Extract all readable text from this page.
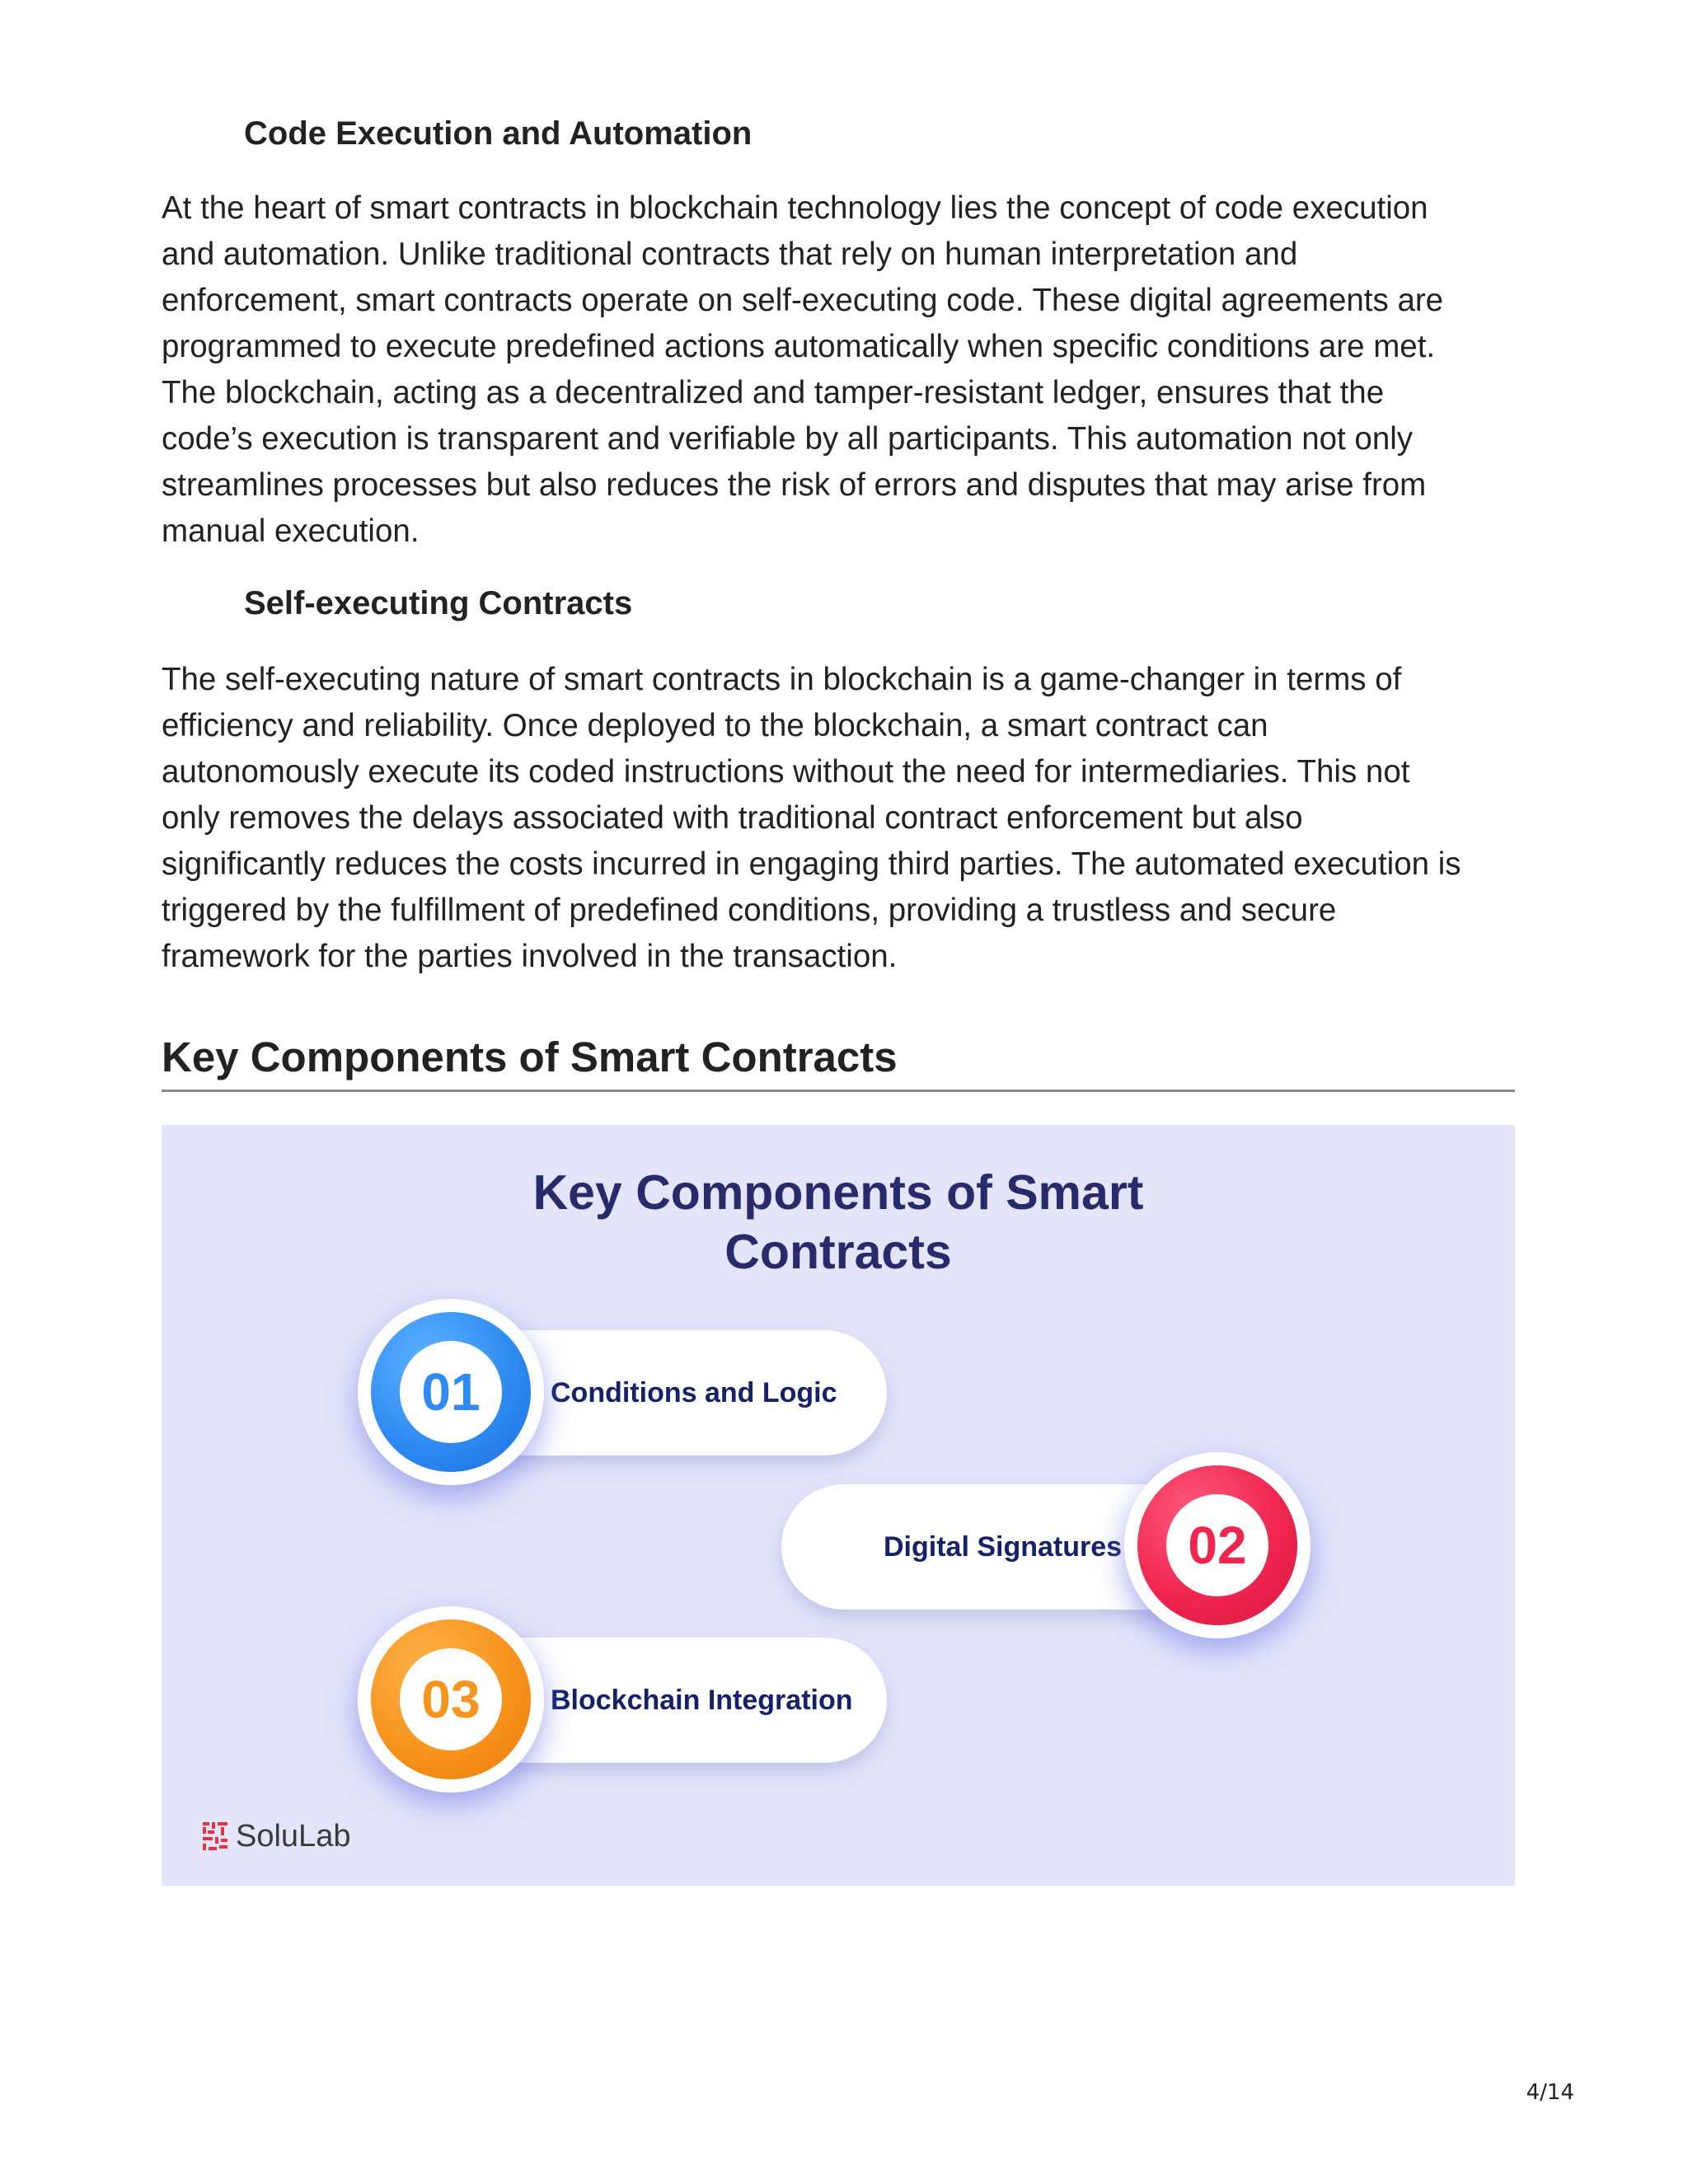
Code Execution and Automation

At the heart of smart contracts in blockchain technology lies the concept of code execution
and automation. Unlike traditional contracts that rely on human interpretation and
enforcement, smart contracts operate on self-executing code. These digital agreements are
programmed to execute predefined actions automatically when specific conditions are met.
The blockchain, acting as a decentralized and tamper-resistant ledger, ensures that the
code’s execution is transparent and verifiable by all participants. This automation not only
streamlines processes but also reduces the risk of errors and disputes that may arise from
manual execution.

Self-executing Contracts

The self-executing nature of smart contracts in blockchain is a game-changer in terms of
efficiency and reliability. Once deployed to the blockchain, a smart contract can
autonomously execute its coded instructions without the need for intermediaries. This not
only removes the delays associated with traditional contract enforcement but also
significantly reduces the costs incurred in engaging third parties. The automated execution is
triggered by the fulfillment of predefined conditions, providing a trustless and secure
framework for the parties involved in the transaction.

Key Components of Smart Contracts
Key Components of Smart
Contracts
Conditions and Logic
01
Digital Signatures	02
Blockchain Integration
03
SoluLab
4/14
